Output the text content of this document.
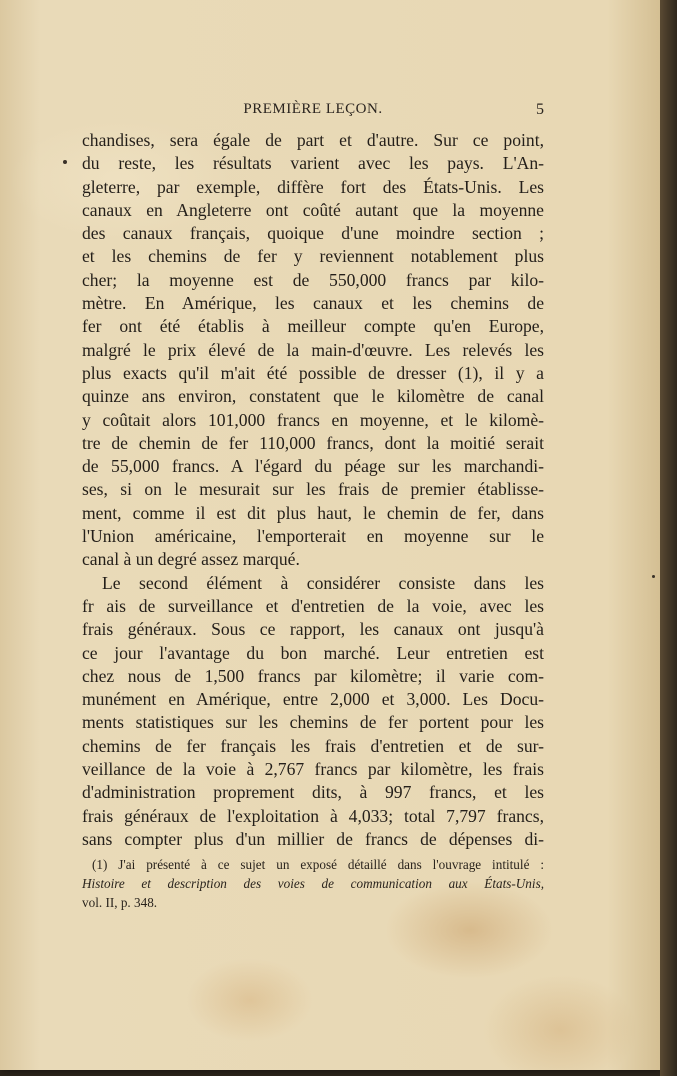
PREMIÈRE LEÇON.	5
chandises, sera égale de part et d'autre. Sur ce point,
du reste, les résultats varient avec les pays. L'An-
gleterre, par exemple, diffère fort des États-Unis. Les
canaux en Angleterre ont coûté autant que la moyenne
des canaux français, quoique d'une moindre section ;
et les chemins de fer y reviennent notablement plus
cher; la moyenne est de 550,000 francs par kilo-
mètre. En Amérique, les canaux et les chemins de
fer ont été établis à meilleur compte qu'en Europe,
malgré le prix élevé de la main-d'œuvre. Les relevés les
plus exacts qu'il m'ait été possible de dresser (1), il y a
quinze ans environ, constatent que le kilomètre de canal
y coûtait alors 101,000 francs en moyenne, et le kilomè-
tre de chemin de fer 110,000 francs, dont la moitié serait
de 55,000 francs. A l'égard du péage sur les marchandi-
ses, si on le mesurait sur les frais de premier établisse-
ment, comme il est dit plus haut, le chemin de fer, dans
l'Union américaine, l'emporterait en moyenne sur le
canal à un degré assez marqué.
Le second élément à considérer consiste dans les
fr ais de surveillance et d'entretien de la voie, avec les
frais généraux. Sous ce rapport, les canaux ont jusqu'à
ce jour l'avantage du bon marché. Leur entretien est
chez nous de 1,500 francs par kilomètre; il varie com-
munément en Amérique, entre 2,000 et 3,000. Les Docu-
ments statistiques sur les chemins de fer portent pour les
chemins de fer français les frais d'entretien et de sur-
veillance de la voie à 2,767 francs par kilomètre, les frais
d'administration proprement dits, à 997 francs, et les
frais généraux de l'exploitation à 4,033; total 7,797 francs,
sans compter plus d'un millier de francs de dépenses di-
(1) J'ai présenté à ce sujet un exposé détaillé dans l'ouvrage intitulé :
Histoire et description des voies de communication aux États-Unis,
vol. II, p. 348.
